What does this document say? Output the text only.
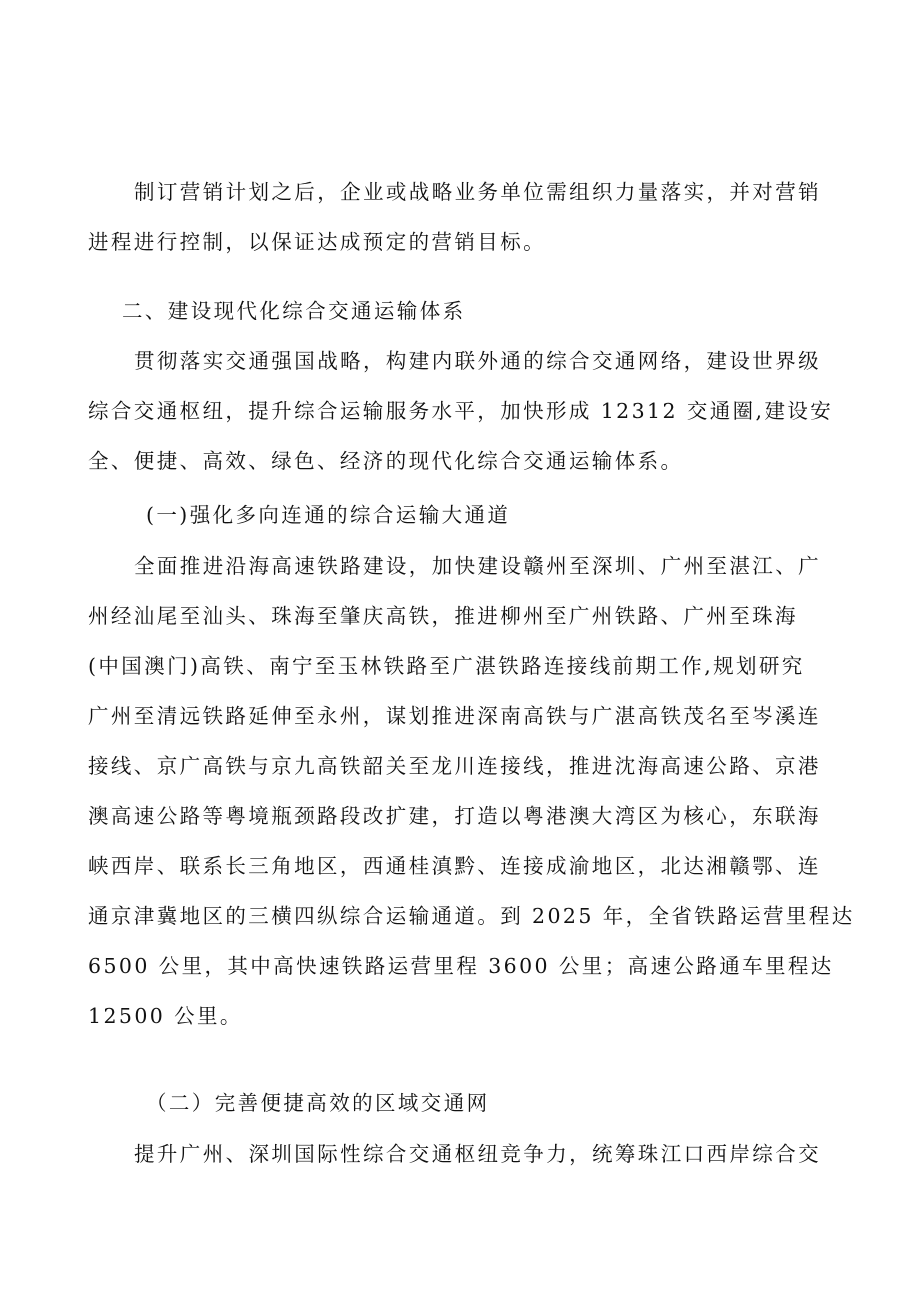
制订营销计划之后，企业或战略业务单位需组织力量落实，并对营销
进程进行控制，以保证达成预定的营销目标。

二、建设现代化综合交通运输体系

贯彻落实交通强国战略，构建内联外通的综合交通网络，建设世界级
综合交通枢纽，提升综合运输服务水平，加快形成 12312 交通圈,建设安
全、便捷、高效、绿色、经济的现代化综合交通运输体系。

(一)强化多向连通的综合运输大通道

全面推进沿海高速铁路建设，加快建设赣州至深圳、广州至湛江、广
州经汕尾至汕头、珠海至肇庆高铁，推进柳州至广州铁路、广州至珠海
(中国澳门)高铁、南宁至玉林铁路至广湛铁路连接线前期工作,规划研究
广州至清远铁路延伸至永州，谋划推进深南高铁与广湛高铁茂名至岑溪连
接线、京广高铁与京九高铁韶关至龙川连接线，推进沈海高速公路、京港
澳高速公路等粤境瓶颈路段改扩建，打造以粤港澳大湾区为核心，东联海
峡西岸、联系长三角地区，西通桂滇黔、连接成渝地区，北达湘赣鄂、连
通京津冀地区的三横四纵综合运输通道。到 2025 年，全省铁路运营里程达
6500 公里，其中高快速铁路运营里程 3600 公里；高速公路通车里程达
12500 公里。

（二）完善便捷高效的区域交通网

提升广州、深圳国际性综合交通枢纽竞争力，统筹珠江口西岸综合交
